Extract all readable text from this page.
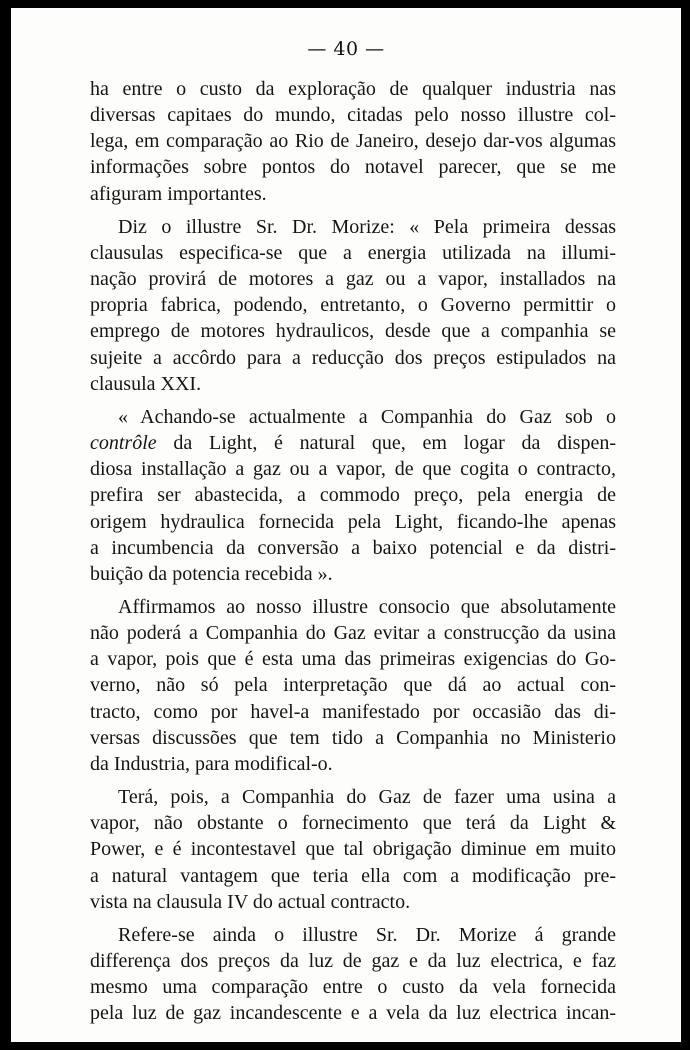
— 40 —
ha entre o custo da exploração de qualquer industria nas
diversas capitaes do mundo, citadas pelo nosso illustre col-
lega, em comparação ao Rio de Janeiro, desejo dar-vos algumas
informações sobre pontos do notavel parecer, que se me
afiguram importantes.
Diz o illustre Sr. Dr. Morize: « Pela primeira dessas
clausulas especifica-se que a energia utilizada na illumi-
nação provirá de motores a gaz ou a vapor, installados na
propria fabrica, podendo, entretanto, o Governo permittir o
emprego de motores hydraulicos, desde que a companhia se
sujeite a accôrdo para a reducção dos preços estipulados na
clausula XXI.
« Achando-se actualmente a Companhia do Gaz sob o
contrôle da Light, é natural que, em logar da dispen-
diosa installação a gaz ou a vapor, de que cogita o contracto,
prefira ser abastecida, a commodo preço, pela energia de
origem hydraulica fornecida pela Light, ficando-lhe apenas
a incumbencia da conversão a baixo potencial e da distri-
buição da potencia recebida ».
Affirmamos ao nosso illustre consocio que absolutamente
não poderá a Companhia do Gaz evitar a construcção da usina
a vapor, pois que é esta uma das primeiras exigencias do Go-
verno, não só pela interpretação que dá ao actual con-
tracto, como por havel-a manifestado por occasião das di-
versas discussões que tem tido a Companhia no Ministerio
da Industria, para modifical-o.
Terá, pois, a Companhia do Gaz de fazer uma usina a
vapor, não obstante o fornecimento que terá da Light &
Power, e é incontestavel que tal obrigação diminue em muito
a natural vantagem que teria ella com a modificação pre-
vista na clausula IV do actual contracto.
Refere-se ainda o illustre Sr. Dr. Morize á grande
differença dos preços da luz de gaz e da luz electrica, e faz
mesmo uma comparação entre o custo da vela fornecida
pela luz de gaz incandescente e a vela da luz electrica incan-
